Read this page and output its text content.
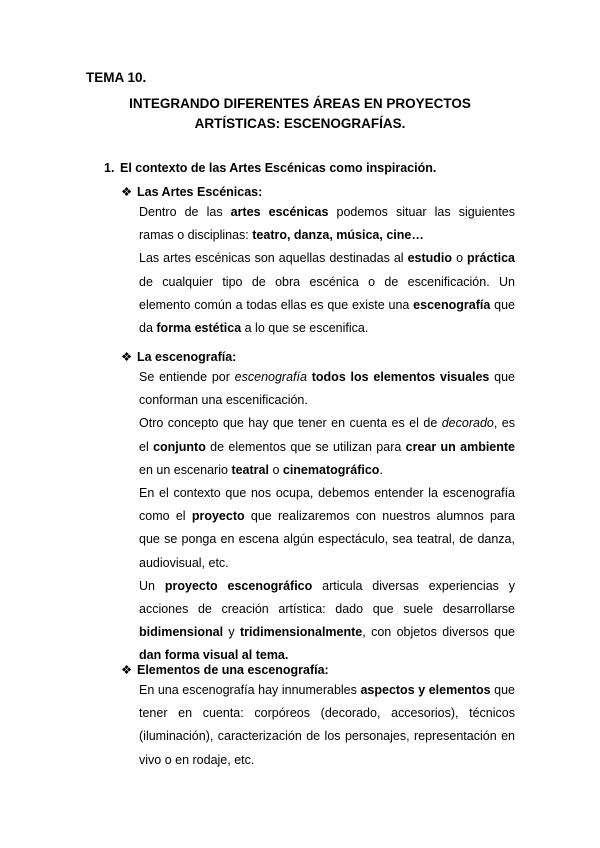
TEMA 10.

INTEGRANDO DIFERENTES ÁREAS EN PROYECTOS
ARTÍSTICAS: ESCENOGRAFÍAS.
1. El contexto de las Artes Escénicas como inspiración.
❖ Las Artes Escénicas:

Dentro de las artes escénicas podemos situar las siguientes ramas o disciplinas: teatro, danza, música, cine…

Las artes escénicas son aquellas destinadas al estudio o práctica de cualquier tipo de obra escénica o de escenificación. Un elemento común a todas ellas es que existe una escenografía que da forma estética a lo que se escenifica.

❖ La escenografía:

Se entiende por escenografía todos los elementos visuales que conforman una escenificación.

Otro concepto que hay que tener en cuenta es el de decorado, es el conjunto de elementos que se utilizan para crear un ambiente en un escenario teatral o cinematográfico.

En el contexto que nos ocupa, debemos entender la escenografía como el proyecto que realizaremos con nuestros alumnos para que se ponga en escena algún espectáculo, sea teatral, de danza, audiovisual, etc.

Un proyecto escenográfico articula diversas experiencias y acciones de creación artística: dado que suele desarrollarse bidimensional y tridimensionalmente, con objetos diversos que dan forma visual al tema.

❖ Elementos de una escenografía:

En una escenografía hay innumerables aspectos y elementos que tener en cuenta: corpóreos (decorado, accesorios), técnicos (iluminación), caracterización de los personajes, representación en vivo o en rodaje, etc.
